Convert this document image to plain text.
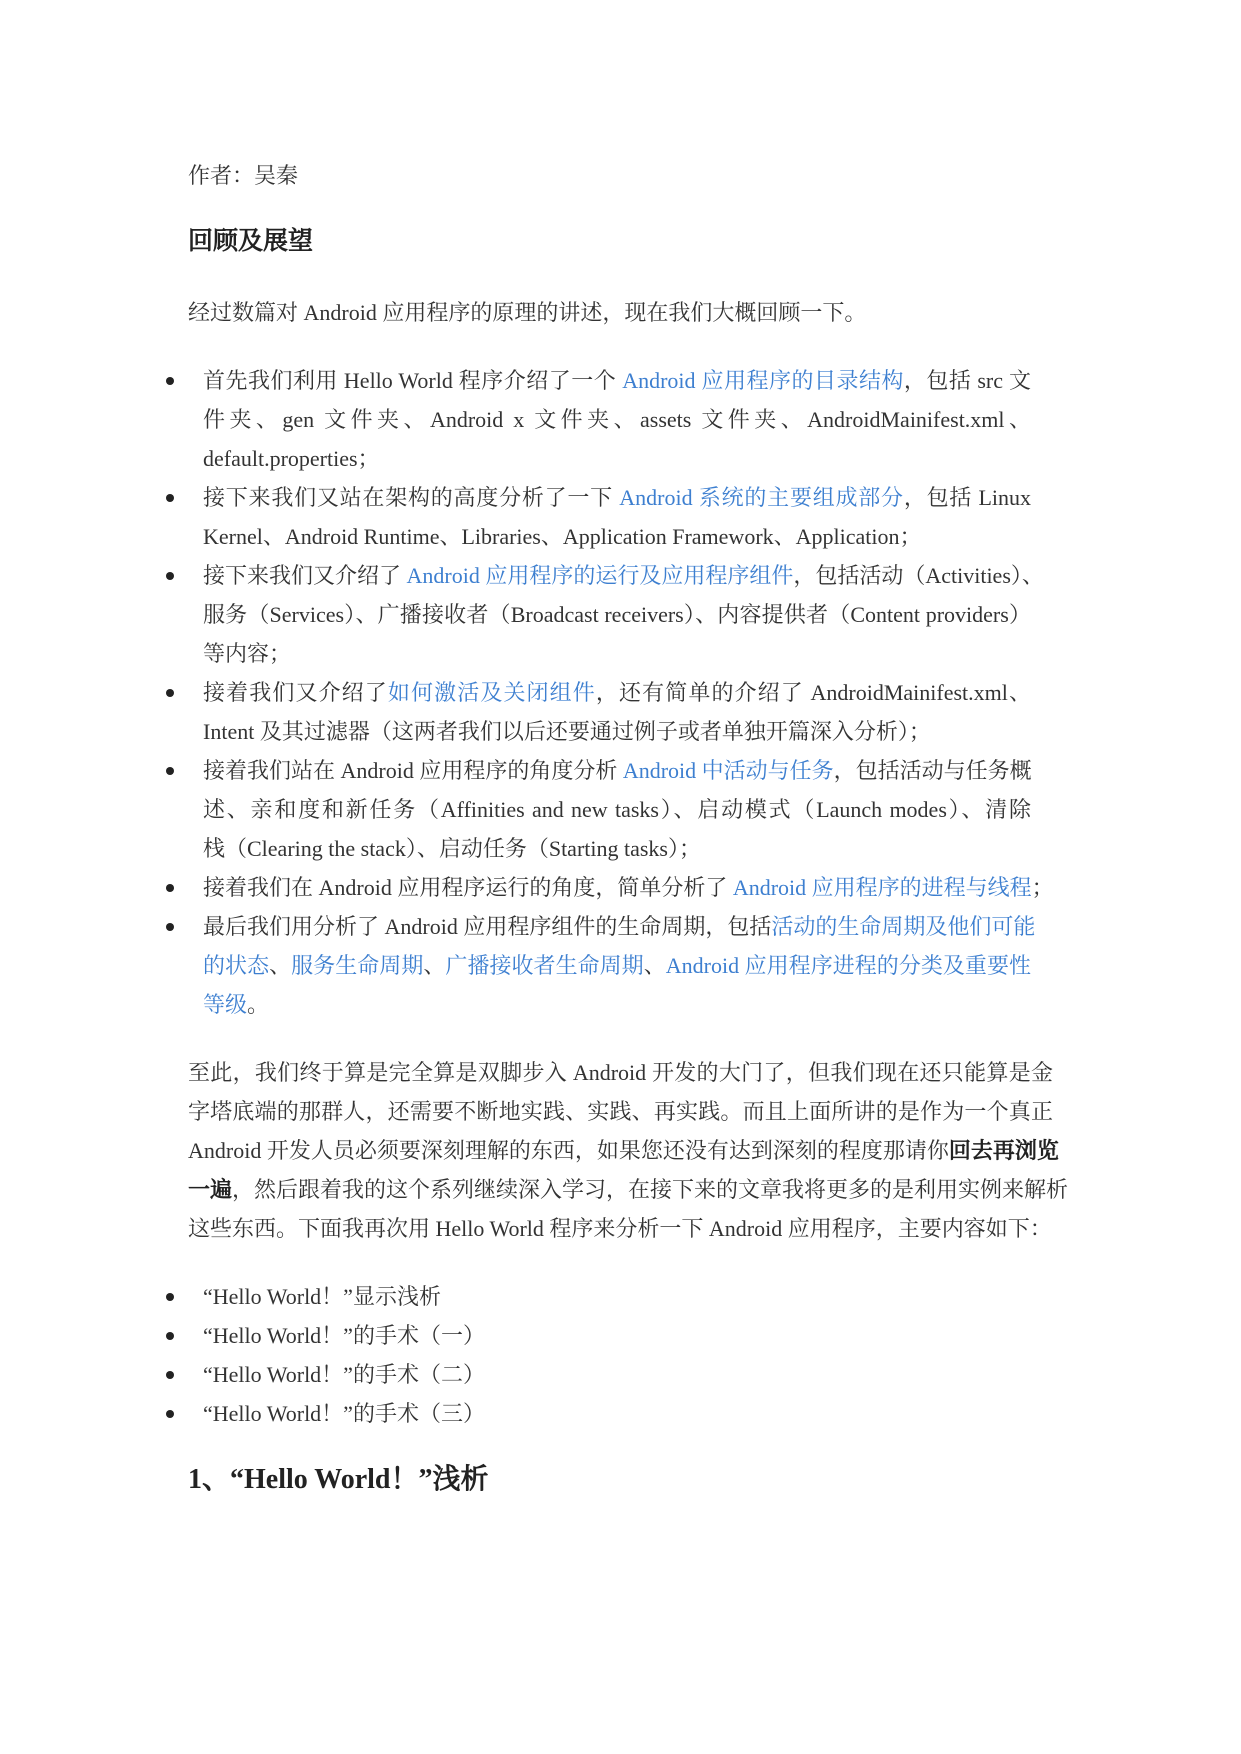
作者：吴秦
回顾及展望
经过数篇对 Android 应用程序的原理的讲述，现在我们大概回顾一下。
首先我们利用 Hello World 程序介绍了一个 Android 应用程序的目录结构，包括 src 文
件夹、gen 文件夹、Android x 文件夹、assets 文件夹、AndroidMainifest.xml、
default.properties；
接下来我们又站在架构的高度分析了一下 Android 系统的主要组成部分，包括 Linux
Kernel、Android Runtime、Libraries、Application Framework、Application；
接下来我们又介绍了 Android 应用程序的运行及应用程序组件，包括活动（Activities）、
服务（Services）、广播接收者（Broadcast receivers）、内容提供者（Content providers）
等内容；
接着我们又介绍了如何激活及关闭组件，还有简单的介绍了 AndroidMainifest.xml、
Intent 及其过滤器（这两者我们以后还要通过例子或者单独开篇深入分析）；
接着我们站在 Android 应用程序的角度分析 Android 中活动与任务，包括活动与任务概
述、亲和度和新任务（Affinities and new tasks）、启动模式（Launch modes）、清除
栈（Clearing the stack）、启动任务（Starting tasks）；
接着我们在 Android 应用程序运行的角度，简单分析了 Android 应用程序的进程与线程；
最后我们用分析了 Android 应用程序组件的生命周期，包括活动的生命周期及他们可能
的状态、服务生命周期、广播接收者生命周期、Android 应用程序进程的分类及重要性
等级。
至此，我们终于算是完全算是双脚步入 Android 开发的大门了，但我们现在还只能算是金
字塔底端的那群人，还需要不断地实践、实践、再实践。而且上面所讲的是作为一个真正
Android 开发人员必须要深刻理解的东西，如果您还没有达到深刻的程度那请你回去再浏览
一遍，然后跟着我的这个系列继续深入学习，在接下来的文章我将更多的是利用实例来解析
这些东西。下面我再次用 Hello World 程序来分析一下 Android 应用程序，主要内容如下：
“Hello World！”显示浅析
“Hello World！”的手术（一）
“Hello World！”的手术（二）
“Hello World！”的手术（三）
1、“Hello World！”浅析
